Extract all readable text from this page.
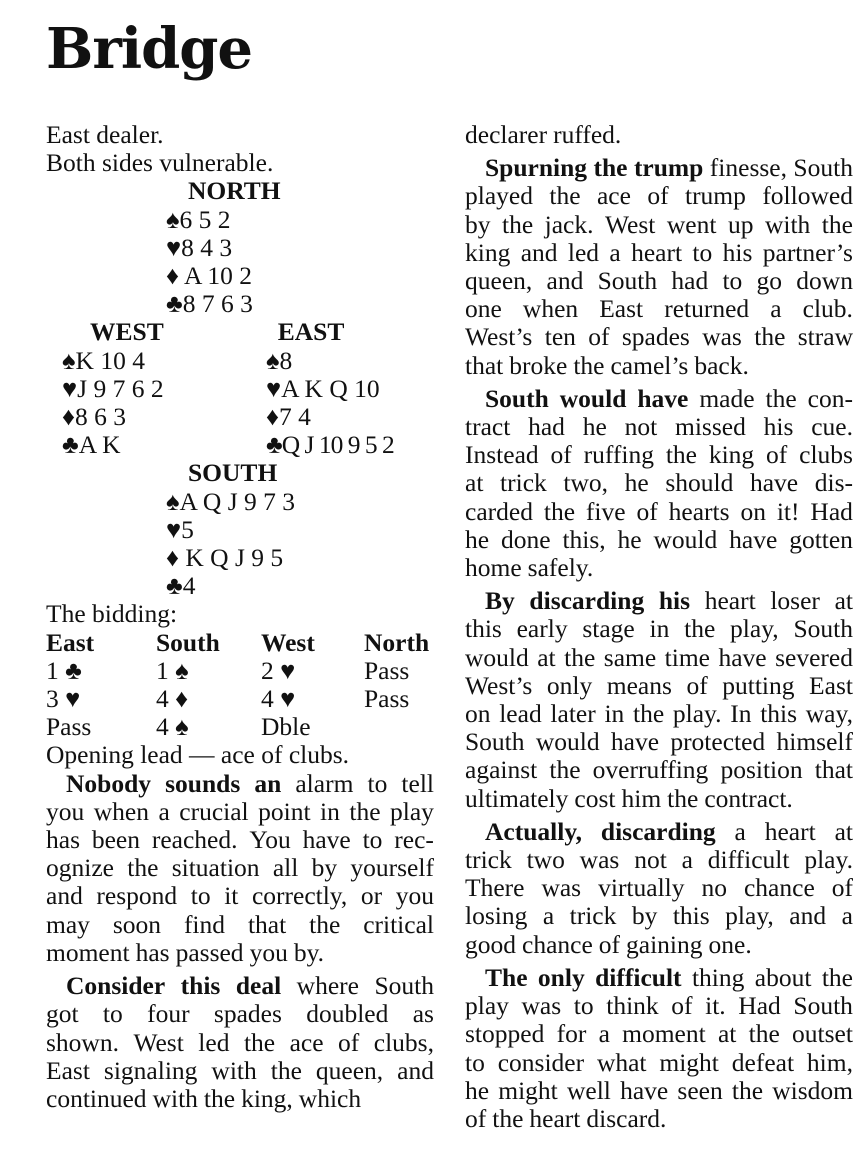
Bridge
East dealer.
Both sides vulnerable.
NORTH
♠6 5 2
♥8 4 3
♦ A 10 2
♣8 7 6 3
WEST	EAST
♠K 10 4	♠8
♥J 9 7 6 2	♥A K Q 10
♦8 6 3	♦7 4
♣A K	♣Q J 10 9 5 2
SOUTH
♠A Q J 9 7 3
♥5
♦ K Q J 9 5
♣4
The bidding:
East	South	West	North
1 ♣	1 ♠	2 ♥	Pass
3 ♥	4 ♦	4 ♥	Pass
Pass	4 ♠	Dble
Opening lead — ace of clubs.
Nobody sounds an alarm to tell
you when a crucial point in the play
has been reached. You have to rec-
ognize the situation all by yourself
and respond to it correctly, or you
may soon find that the critical
moment has passed you by.
Consider this deal where South
got to four spades doubled as
shown. West led the ace of clubs,
East signaling with the queen, and
continued with the king, which
declarer ruffed.
Spurning the trump finesse, South
played the ace of trump followed
by the jack. West went up with the
king and led a heart to his partner’s
queen, and South had to go down
one when East returned a club.
West’s ten of spades was the straw
that broke the camel’s back.
South would have made the con-
tract had he not missed his cue.
Instead of ruffing the king of clubs
at trick two, he should have dis-
carded the five of hearts on it! Had
he done this, he would have gotten
home safely.
By discarding his heart loser at
this early stage in the play, South
would at the same time have severed
West’s only means of putting East
on lead later in the play. In this way,
South would have protected himself
against the overruffing position that
ultimately cost him the contract.
Actually, discarding a heart at
trick two was not a difficult play.
There was virtually no chance of
losing a trick by this play, and a
good chance of gaining one.
The only difficult thing about the
play was to think of it. Had South
stopped for a moment at the outset
to consider what might defeat him,
he might well have seen the wisdom
of the heart discard.
